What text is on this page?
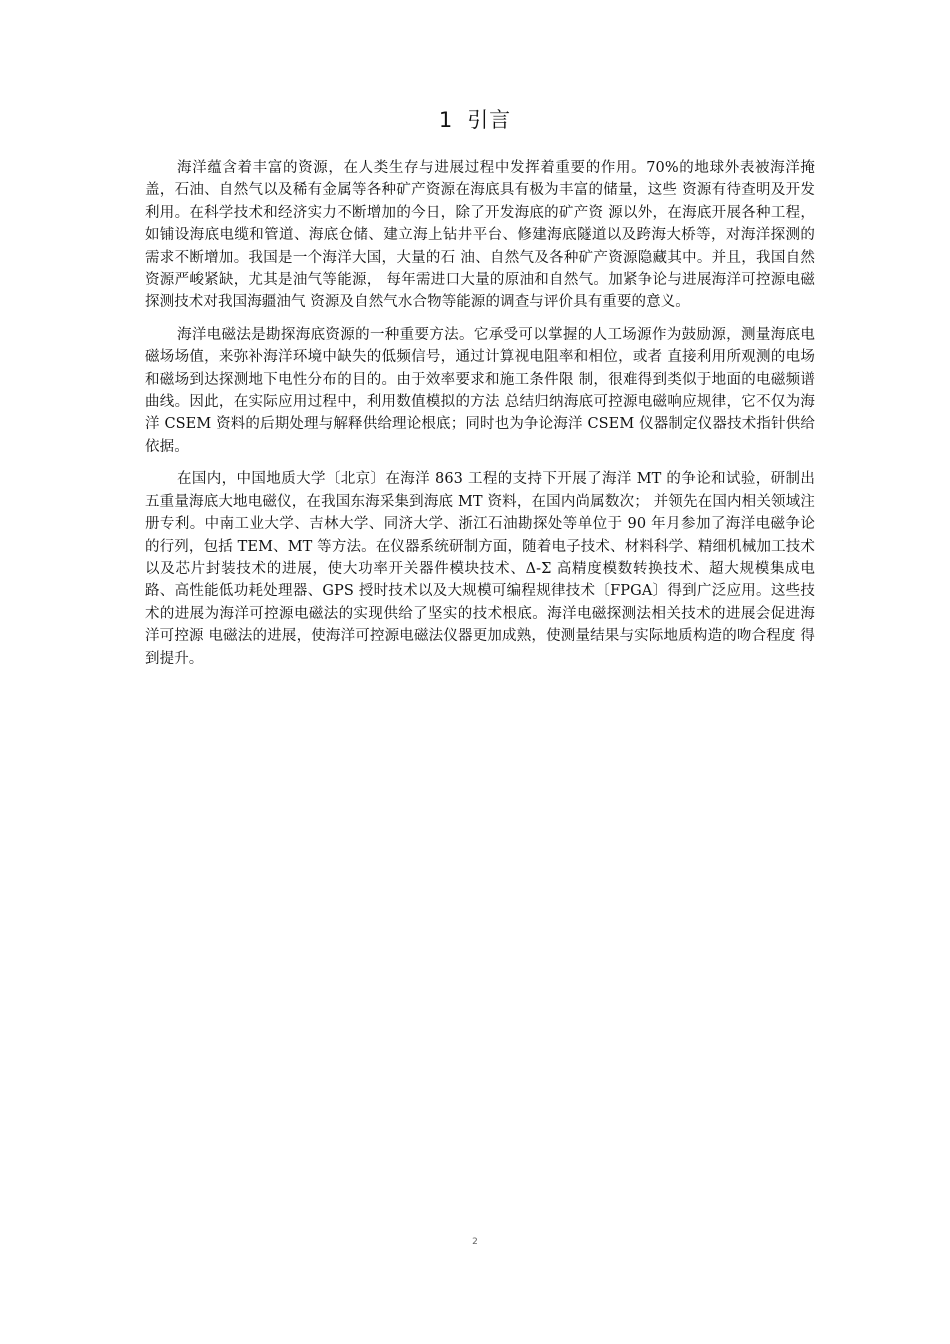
1 引言

海洋蕴含着丰富的资源，在人类生存与进展过程中发挥着重要的作用。70%的地球外表被海洋掩盖，石油、自然气以及稀有金属等各种矿产资源在海底具有极为丰富的储量，这些 资源有待查明及开发利用。在科学技术和经济实力不断增加的今日，除了开发海底的矿产资 源以外，在海底开展各种工程，如铺设海底电缆和管道、海底仓储、建立海上钻井平台、修建海底隧道以及跨海大桥等，对海洋探测的需求不断增加。我国是一个海洋大国，大量的石 油、自然气及各种矿产资源隐藏其中。并且，我国自然资源严峻紧缺，尤其是油气等能源， 每年需进口大量的原油和自然气。加紧争论与进展海洋可控源电磁探测技术对我国海疆油气 资源及自然气水合物等能源的调查与评价具有重要的意义。

海洋电磁法是勘探海底资源的一种重要方法。它承受可以掌握的人工场源作为鼓励源，测量海底电磁场场值，来弥补海洋环境中缺失的低频信号，通过计算视电阻率和相位，或者 直接利用所观测的电场和磁场到达探测地下电性分布的目的。由于效率要求和施工条件限 制，很难得到类似于地面的电磁频谱曲线。因此，在实际应用过程中，利用数值模拟的方法 总结归纳海底可控源电磁响应规律，它不仅为海洋 CSEM 资料的后期处理与解释供给理论根底；同时也为争论海洋 CSEM 仪器制定仪器技术指针供给依据。

在国内，中国地质大学〔北京〕在海洋 863 工程的支持下开展了海洋 MT 的争论和试验，研制出五重量海底大地电磁仪，在我国东海采集到海底 MT 资料，在国内尚属数次； 并领先在国内相关领域注册专利。中南工业大学、吉林大学、同济大学、浙江石油勘探处等单位于 90 年月参加了海洋电磁争论的行列，包括 TEM、MT 等方法。在仪器系统研制方面，随着电子技术、材料科学、精细机械加工技术以及芯片封装技术的进展，使大功率开关器件模块技术、Δ-Σ 高精度模数转换技术、超大规模集成电路、高性能低功耗处理器、GPS 授时技术以及大规模可编程规律技术〔FPGA〕得到广泛应用。这些技术的进展为海洋可控源电磁法的实现供给了坚实的技术根底。海洋电磁探测法相关技术的进展会促进海洋可控源 电磁法的进展，使海洋可控源电磁法仪器更加成熟，使测量结果与实际地质构造的吻合程度 得到提升。

2
